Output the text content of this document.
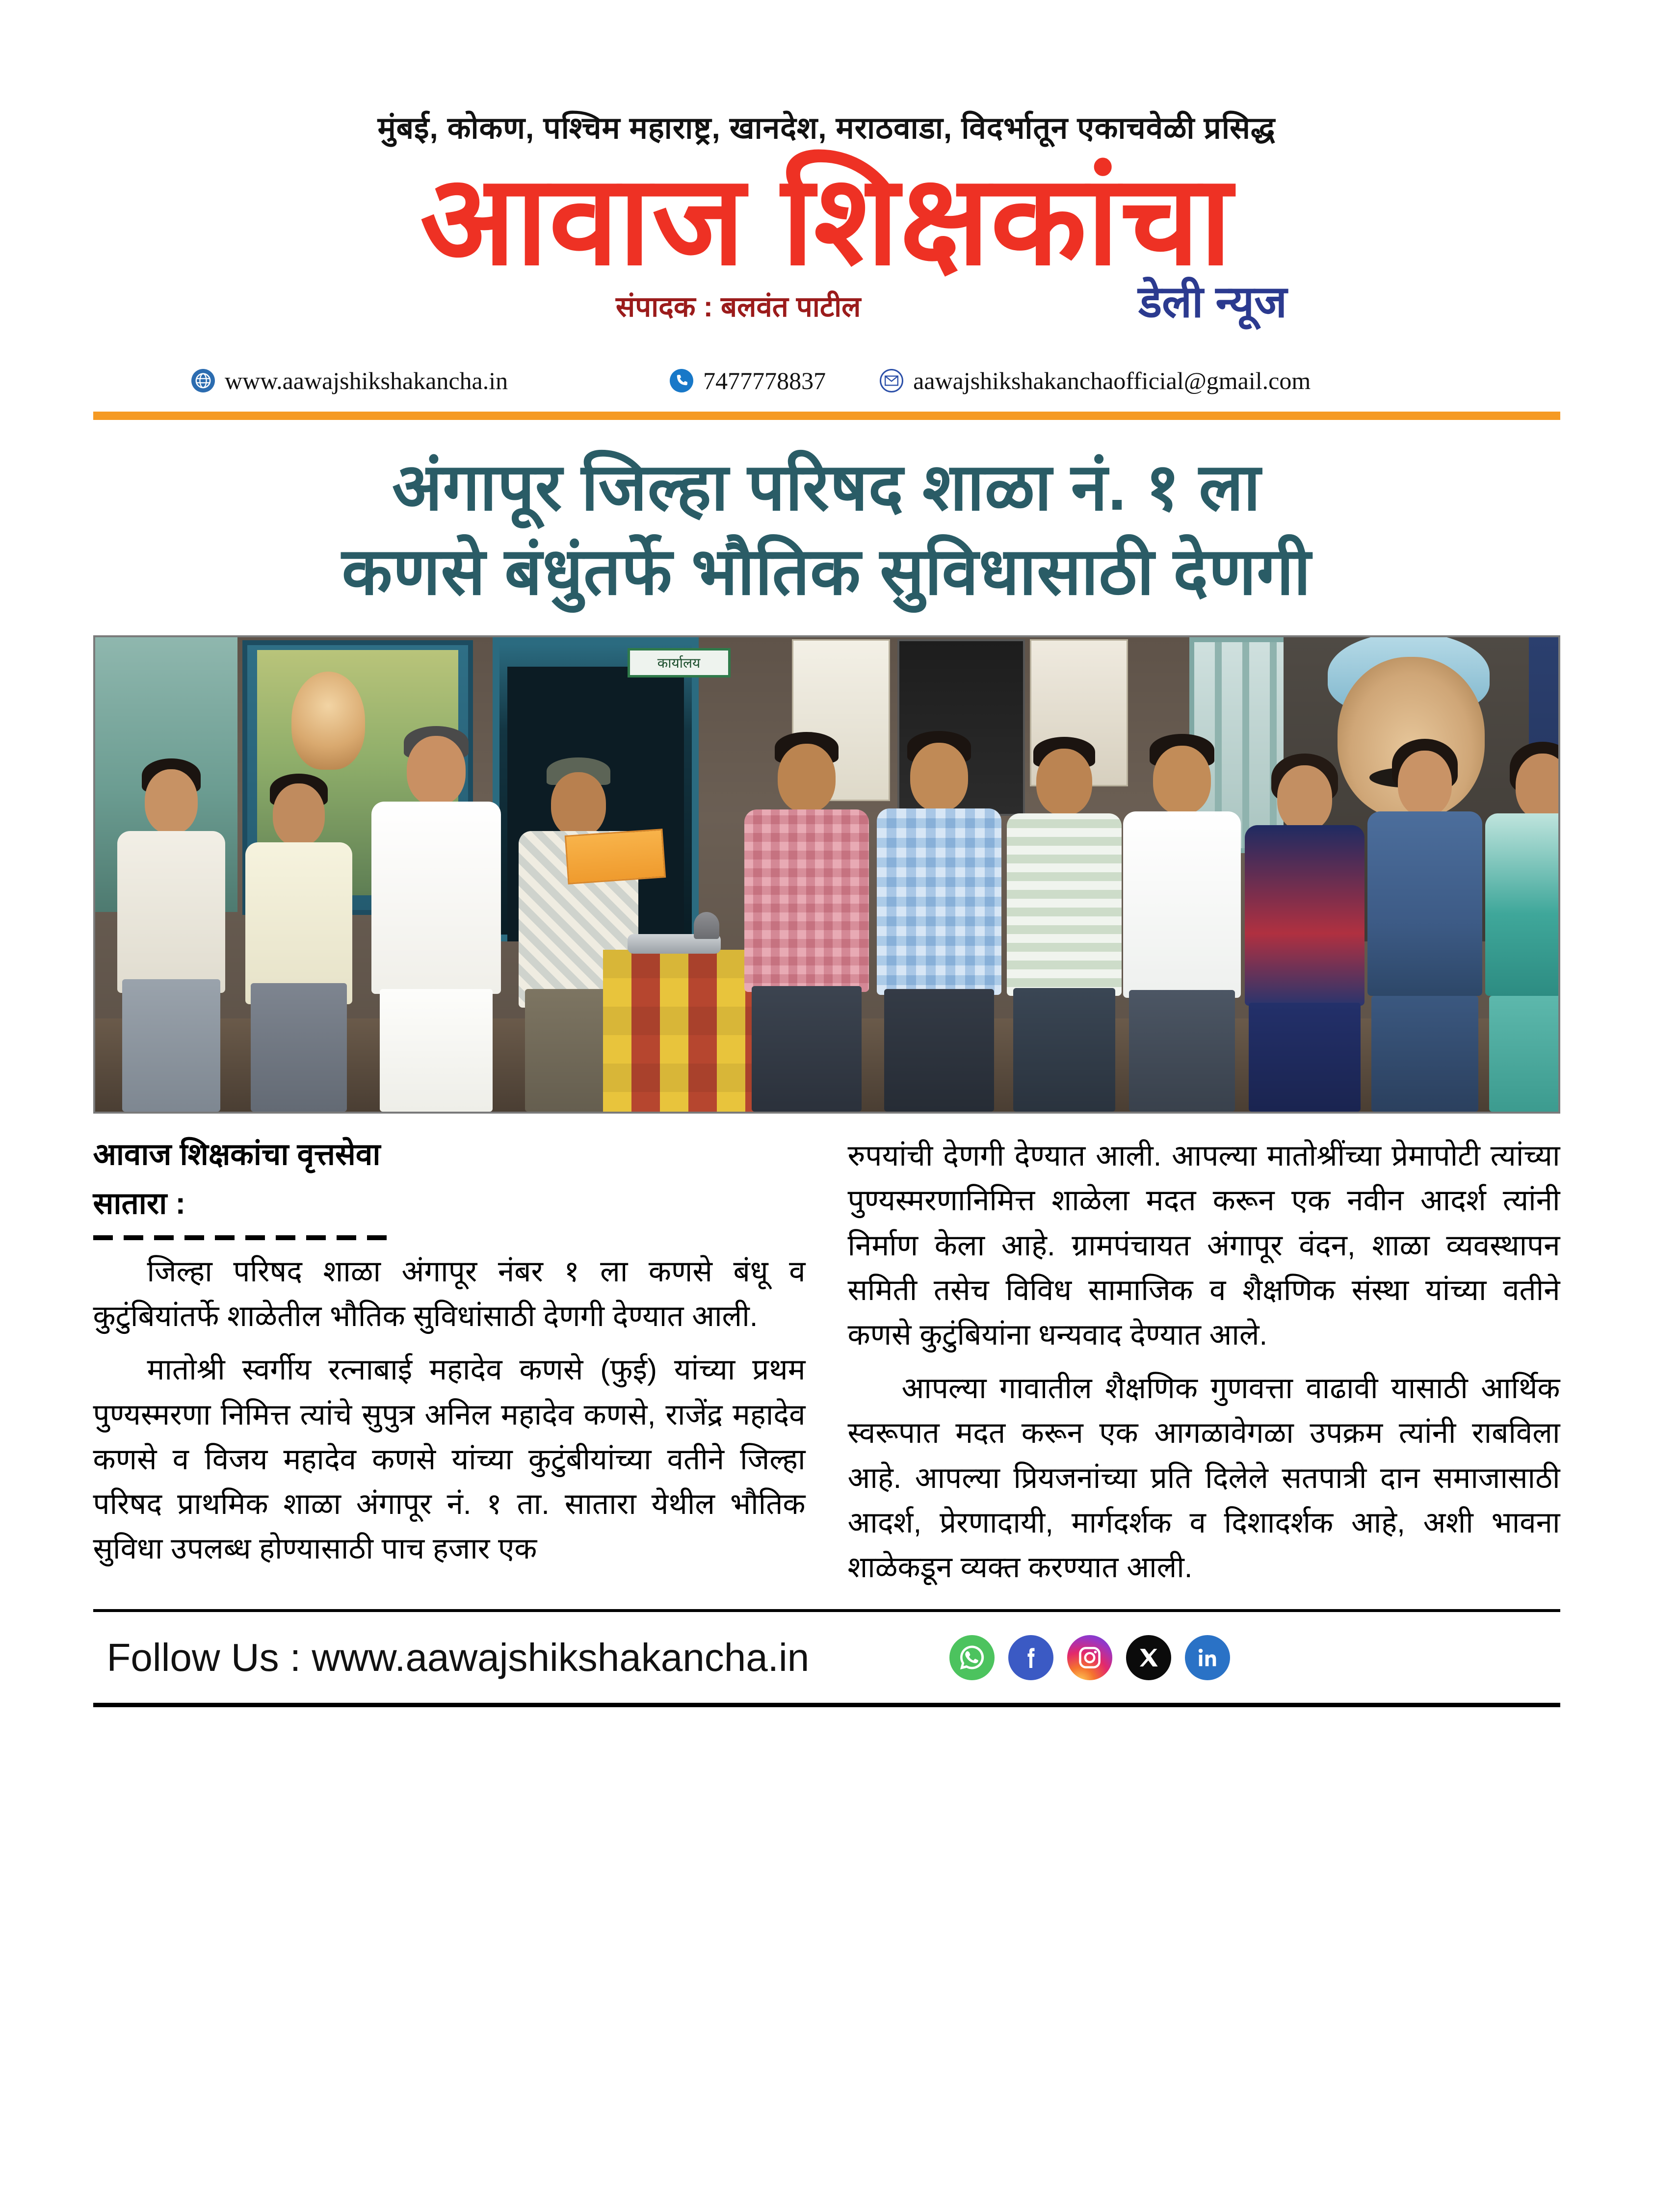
मुंबई, कोकण, पश्चिम महाराष्ट्र, खानदेश, मराठवाडा, विदर्भातून एकाचवेळी प्रसिद्ध
आवाज शिक्षकांचा
संपादक : बलवंत पाटील	डेली न्यूज
www.aawajshikshakancha.in	7477778837	aawajshikshakanchaofficial@gmail.com
अंगापूर जिल्हा परिषद शाळा नं. १ ला
कणसे बंधुंतर्फे भौतिक सुविधासाठी देणगी
कार्यालय
आवाज शिक्षकांचा वृत्तसेवा
सातारा :

जिल्हा परिषद शाळा अंगापूर नंबर १ ला कणसे बंधू व कुटुंबियांतर्फे शाळेतील भौतिक सुविधांसाठी देणगी देण्यात आली.

मातोश्री स्वर्गीय रत्नाबाई महादेव कणसे (फुई) यांच्या प्रथम पुण्यस्मरणा निमित्त त्यांचे सुपुत्र अनिल महादेव कणसे, राजेंद्र महादेव कणसे व विजय महादेव कणसे यांच्या कुटुंबीयांच्या वतीने जिल्हा परिषद प्राथमिक शाळा अंगापूर नं. १ ता. सातारा येथील भौतिक सुविधा उपलब्ध होण्यासाठी पाच हजार एक

रुपयांची देणगी देण्यात आली. आपल्या मातोश्रींच्या प्रेमापोटी त्यांच्या पुण्यस्मरणानिमित्त शाळेला मदत करून एक नवीन आदर्श त्यांनी निर्माण केला आहे. ग्रामपंचायत अंगापूर वंदन, शाळा व्यवस्थापन समिती तसेच विविध सामाजिक व शैक्षणिक संस्था यांच्या वतीने कणसे कुटुंबियांना धन्यवाद देण्यात आले.

आपल्या गावातील शैक्षणिक गुणवत्ता वाढावी यासाठी आर्थिक स्वरूपात मदत करून एक आगळावेगळा उपक्रम त्यांनी राबविला आहे. आपल्या प्रियजनांच्या प्रति दिलेले सतपात्री दान समाजासाठी आदर्श, प्रेरणादायी, मार्गदर्शक व दिशादर्शक आहे, अशी भावना शाळेकडून व्यक्त करण्यात आली.

Follow Us : www.aawajshikshakancha.in
